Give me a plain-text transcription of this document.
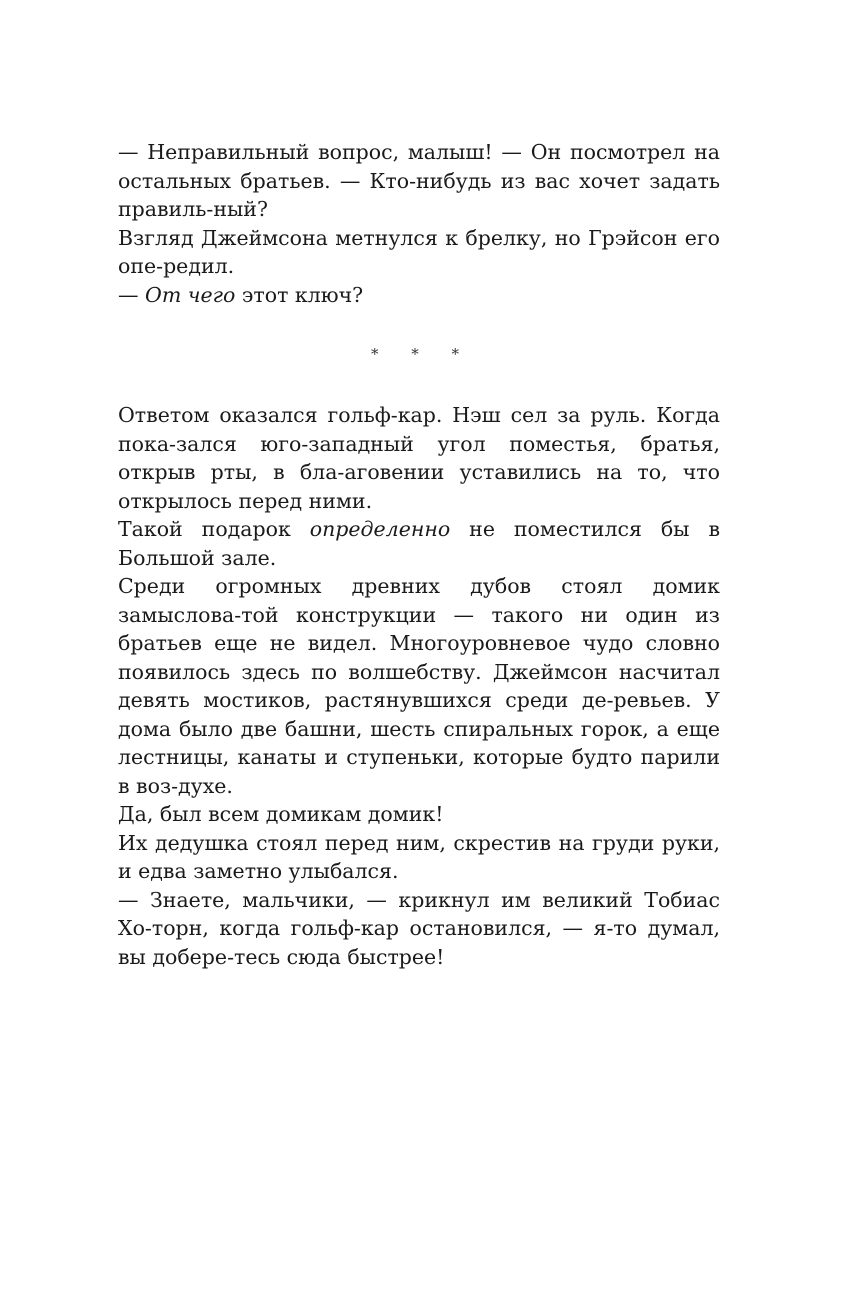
— Неправильный вопрос, малыш! — Он посмотрел на остальных братьев. — Кто-нибудь из вас хочет задать правиль-ный?

Взгляд Джеймсона метнулся к брелку, но Грэйсон его опе-редил.

— От чего этот ключ?

* * *

Ответом оказался гольф-кар. Нэш сел за руль. Когда пока-зался юго-западный угол поместья, братья, открыв рты, в бла-аговении уставились на то, что открылось перед ними.

Такой подарок определенно не поместился бы в Большой зале.

Среди огромных древних дубов стоял домик замыслова-той конструкции — такого ни один из братьев еще не видел. Многоуровневое чудо словно появилось здесь по волшебству. Джеймсон насчитал девять мостиков, растянувшихся среди де-ревьев. У дома было две башни, шесть спиральных горок, а еще лестницы, канаты и ступеньки, которые будто парили в воз-духе.

Да, был всем домикам домик!

Их дедушка стоял перед ним, скрестив на груди руки, и едва заметно улыбался.

— Знаете, мальчики, — крикнул им великий Тобиас Хо-торн, когда гольф-кар остановился, — я-то думал, вы доберe-тесь сюда быстрее!
